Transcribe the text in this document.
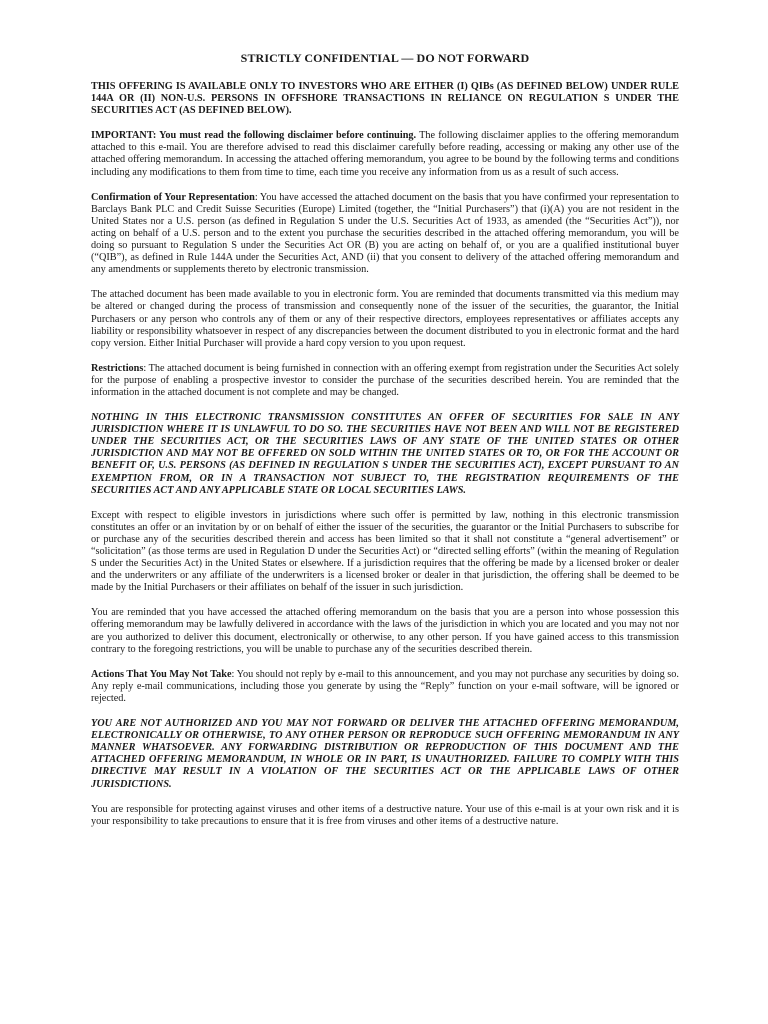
STRICTLY CONFIDENTIAL — DO NOT FORWARD

THIS OFFERING IS AVAILABLE ONLY TO INVESTORS WHO ARE EITHER (I) QIBs (AS DEFINED BELOW) UNDER RULE 144A OR (II) NON-U.S. PERSONS IN OFFSHORE TRANSACTIONS IN RELIANCE ON REGULATION S UNDER THE SECURITIES ACT (AS DEFINED BELOW).

IMPORTANT: You must read the following disclaimer before continuing. The following disclaimer applies to the offering memorandum attached to this e-mail. You are therefore advised to read this disclaimer carefully before reading, accessing or making any other use of the attached offering memorandum. In accessing the attached offering memorandum, you agree to be bound by the following terms and conditions including any modifications to them from time to time, each time you receive any information from us as a result of such access.

Confirmation of Your Representation: You have accessed the attached document on the basis that you have confirmed your representation to Barclays Bank PLC and Credit Suisse Securities (Europe) Limited (together, the “Initial Purchasers”) that (i)(A) you are not resident in the United States nor a U.S. person (as defined in Regulation S under the U.S. Securities Act of 1933, as amended (the “Securities Act”)), nor acting on behalf of a U.S. person and to the extent you purchase the securities described in the attached offering memorandum, you will be doing so pursuant to Regulation S under the Securities Act OR (B) you are acting on behalf of, or you are a qualified institutional buyer (“QIB”), as defined in Rule 144A under the Securities Act, AND (ii) that you consent to delivery of the attached offering memorandum and any amendments or supplements thereto by electronic transmission.

The attached document has been made available to you in electronic form. You are reminded that documents transmitted via this medium may be altered or changed during the process of transmission and consequently none of the issuer of the securities, the guarantor, the Initial Purchasers or any person who controls any of them or any of their respective directors, employees representatives or affiliates accepts any liability or responsibility whatsoever in respect of any discrepancies between the document distributed to you in electronic format and the hard copy version. Either Initial Purchaser will provide a hard copy version to you upon request.

Restrictions: The attached document is being furnished in connection with an offering exempt from registration under the Securities Act solely for the purpose of enabling a prospective investor to consider the purchase of the securities described herein. You are reminded that the information in the attached document is not complete and may be changed.

NOTHING IN THIS ELECTRONIC TRANSMISSION CONSTITUTES AN OFFER OF SECURITIES FOR SALE IN ANY JURISDICTION WHERE IT IS UNLAWFUL TO DO SO. THE SECURITIES HAVE NOT BEEN AND WILL NOT BE REGISTERED UNDER THE SECURITIES ACT, OR THE SECURITIES LAWS OF ANY STATE OF THE UNITED STATES OR OTHER JURISDICTION AND MAY NOT BE OFFERED ON SOLD WITHIN THE UNITED STATES OR TO, OR FOR THE ACCOUNT OR BENEFIT OF, U.S. PERSONS (AS DEFINED IN REGULATION S UNDER THE SECURITIES ACT), EXCEPT PURSUANT TO AN EXEMPTION FROM, OR IN A TRANSACTION NOT SUBJECT TO, THE REGISTRATION REQUIREMENTS OF THE SECURITIES ACT AND ANY APPLICABLE STATE OR LOCAL SECURITIES LAWS.

Except with respect to eligible investors in jurisdictions where such offer is permitted by law, nothing in this electronic transmission constitutes an offer or an invitation by or on behalf of either the issuer of the securities, the guarantor or the Initial Purchasers to subscribe for or purchase any of the securities described therein and access has been limited so that it shall not constitute a “general advertisement” or “solicitation” (as those terms are used in Regulation D under the Securities Act) or “directed selling efforts” (within the meaning of Regulation S under the Securities Act) in the United States or elsewhere. If a jurisdiction requires that the offering be made by a licensed broker or dealer and the underwriters or any affiliate of the underwriters is a licensed broker or dealer in that jurisdiction, the offering shall be deemed to be made by the Initial Purchasers or their affiliates on behalf of the issuer in such jurisdiction.

You are reminded that you have accessed the attached offering memorandum on the basis that you are a person into whose possession this offering memorandum may be lawfully delivered in accordance with the laws of the jurisdiction in which you are located and you may not nor are you authorized to deliver this document, electronically or otherwise, to any other person. If you have gained access to this transmission contrary to the foregoing restrictions, you will be unable to purchase any of the securities described therein.

Actions That You May Not Take: You should not reply by e-mail to this announcement, and you may not purchase any securities by doing so. Any reply e-mail communications, including those you generate by using the “Reply” function on your e-mail software, will be ignored or rejected.

YOU ARE NOT AUTHORIZED AND YOU MAY NOT FORWARD OR DELIVER THE ATTACHED OFFERING MEMORANDUM, ELECTRONICALLY OR OTHERWISE, TO ANY OTHER PERSON OR REPRODUCE SUCH OFFERING MEMORANDUM IN ANY MANNER WHATSOEVER. ANY FORWARDING DISTRIBUTION OR REPRODUCTION OF THIS DOCUMENT AND THE ATTACHED OFFERING MEMORANDUM, IN WHOLE OR IN PART, IS UNAUTHORIZED. FAILURE TO COMPLY WITH THIS DIRECTIVE MAY RESULT IN A VIOLATION OF THE SECURITIES ACT OR THE APPLICABLE LAWS OF OTHER JURISDICTIONS.

You are responsible for protecting against viruses and other items of a destructive nature. Your use of this e-mail is at your own risk and it is your responsibility to take precautions to ensure that it is free from viruses and other items of a destructive nature.
